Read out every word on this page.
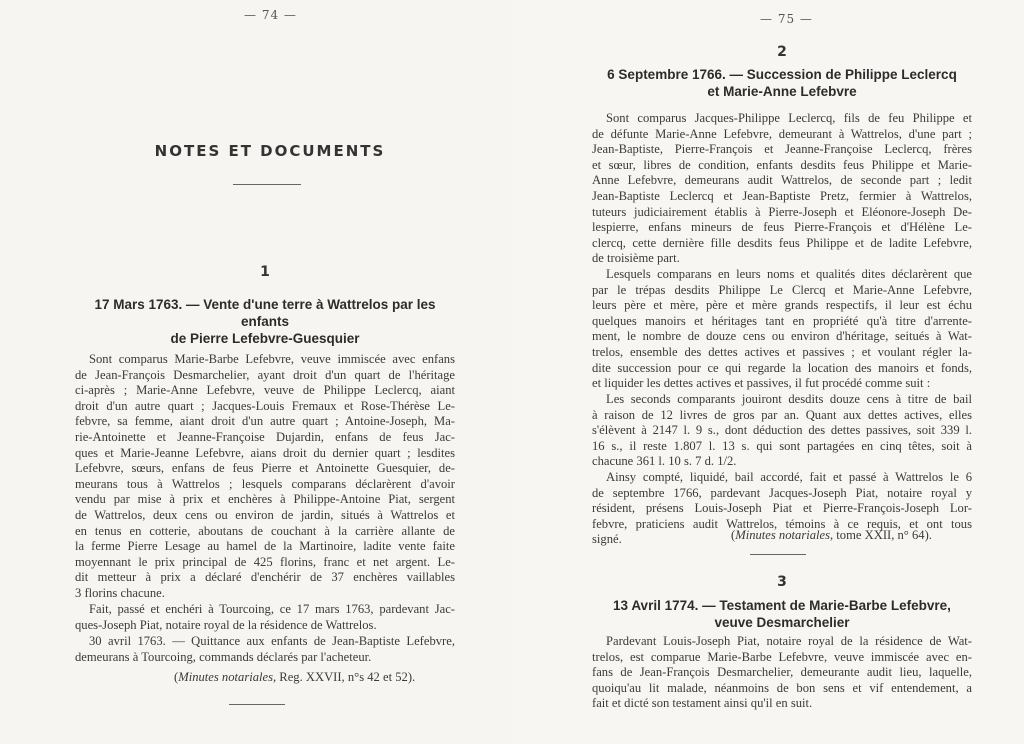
— 74 —
NOTES ET DOCUMENTS
1
17 Mars 1763. — Vente d'une terre à Wattrelos par les enfants
de Pierre Lefebvre-Guesquier
Sont comparus Marie-Barbe Lefebvre, veuve immiscée avec enfans
de Jean-François Desmarchelier, ayant droit d'un quart de l'héritage
ci-après ; Marie-Anne Lefebvre, veuve de Philippe Leclercq, aiant
droit d'un autre quart ; Jacques-Louis Fremaux et Rose-Thérèse Le-
febvre, sa femme, aiant droit d'un autre quart ; Antoine-Joseph, Ma-
rie-Antoinette et Jeanne-Françoise Dujardin, enfans de feus Jac-
ques et Marie-Jeanne Lefebvre, aians droit du dernier quart ; lesdites
Lefebvre, sœurs, enfans de feus Pierre et Antoinette Guesquier, de-
meurans tous à Wattrelos ; lesquels comparans déclarèrent d'avoir
vendu par mise à prix et enchères à Philippe-Antoine Piat, sergent
de Wattrelos, deux cens ou environ de jardin, situés à Wattrelos et
en tenus en cotterie, aboutans de couchant à la carrière allante de
la ferme Pierre Lesage au hamel de la Martinoire, ladite vente faite
moyennant le prix principal de 425 florins, franc et net argent. Le-
dit metteur à prix a déclaré d'enchérir de 37 enchères vaillables
3 florins chacune.
Fait, passé et enchéri à Tourcoing, ce 17 mars 1763, pardevant Jac-
ques-Joseph Piat, notaire royal de la résidence de Wattrelos.
30 avril 1763. — Quittance aux enfants de Jean-Baptiste Lefebvre,
demeurans à Tourcoing, commands déclarés par l'acheteur.
(Minutes notariales, Reg. XXVII, n°s 42 et 52).
— 75 —
2
6 Septembre 1766. — Succession de Philippe Leclercq
et Marie-Anne Lefebvre
Sont comparus Jacques-Philippe Leclercq, fils de feu Philippe et
de défunte Marie-Anne Lefebvre, demeurant à Wattrelos, d'une part ;
Jean-Baptiste, Pierre-François et Jeanne-Françoise Leclercq, frères
et sœur, libres de condition, enfants desdits feus Philippe et Marie-
Anne Lefebvre, demeurans audit Wattrelos, de seconde part ; ledit
Jean-Baptiste Leclercq et Jean-Baptiste Pretz, fermier à Wattrelos,
tuteurs judiciairement établis à Pierre-Joseph et Eléonore-Joseph De-
lespierre, enfans mineurs de feus Pierre-François et d'Hélène Le-
clercq, cette dernière fille desdits feus Philippe et de ladite Lefebvre,
de troisième part.
Lesquels comparans en leurs noms et qualités dites déclarèrent que
par le trépas desdits Philippe Le Clercq et Marie-Anne Lefebvre,
leurs père et mère, père et mère grands respectifs, il leur est échu
quelques manoirs et héritages tant en propriété qu'à titre d'arrente-
ment, le nombre de douze cens ou environ d'héritage, seitués à Wat-
trelos, ensemble des dettes actives et passives ; et voulant régler la-
dite succession pour ce qui regarde la location des manoirs et fonds,
et liquider les dettes actives et passives, il fut procédé comme suit :
Les seconds comparants jouiront desdits douze cens à titre de bail
à raison de 12 livres de gros par an. Quant aux dettes actives, elles
s'élèvent à 2147 l. 9 s., dont déduction des dettes passives, soit 339 l.
16 s., il reste 1.807 l. 13 s. qui sont partagées en cinq têtes, soit à
chacune 361 l. 10 s. 7 d. 1/2.
Ainsy compté, liquidé, bail accordé, fait et passé à Wattrelos le 6
de septembre 1766, pardevant Jacques-Joseph Piat, notaire royal y
résident, présens Louis-Joseph Piat et Pierre-François-Joseph Lor-
febvre, praticiens audit Wattrelos, témoins à ce requis, et ont tous
signé.	(Minutes notariales, tome XXII, n° 64).
3
13 Avril 1774. — Testament de Marie-Barbe Lefebvre,
veuve Desmarchelier
Pardevant Louis-Joseph Piat, notaire royal de la résidence de Wat-
trelos, est comparue Marie-Barbe Lefebvre, veuve immiscée avec en-
fans de Jean-François Desmarchelier, demeurante audit lieu, laquelle,
quoiqu'au lit malade, néanmoins de bon sens et vif entendement, a
fait et dicté son testament ainsi qu'il en suit.
